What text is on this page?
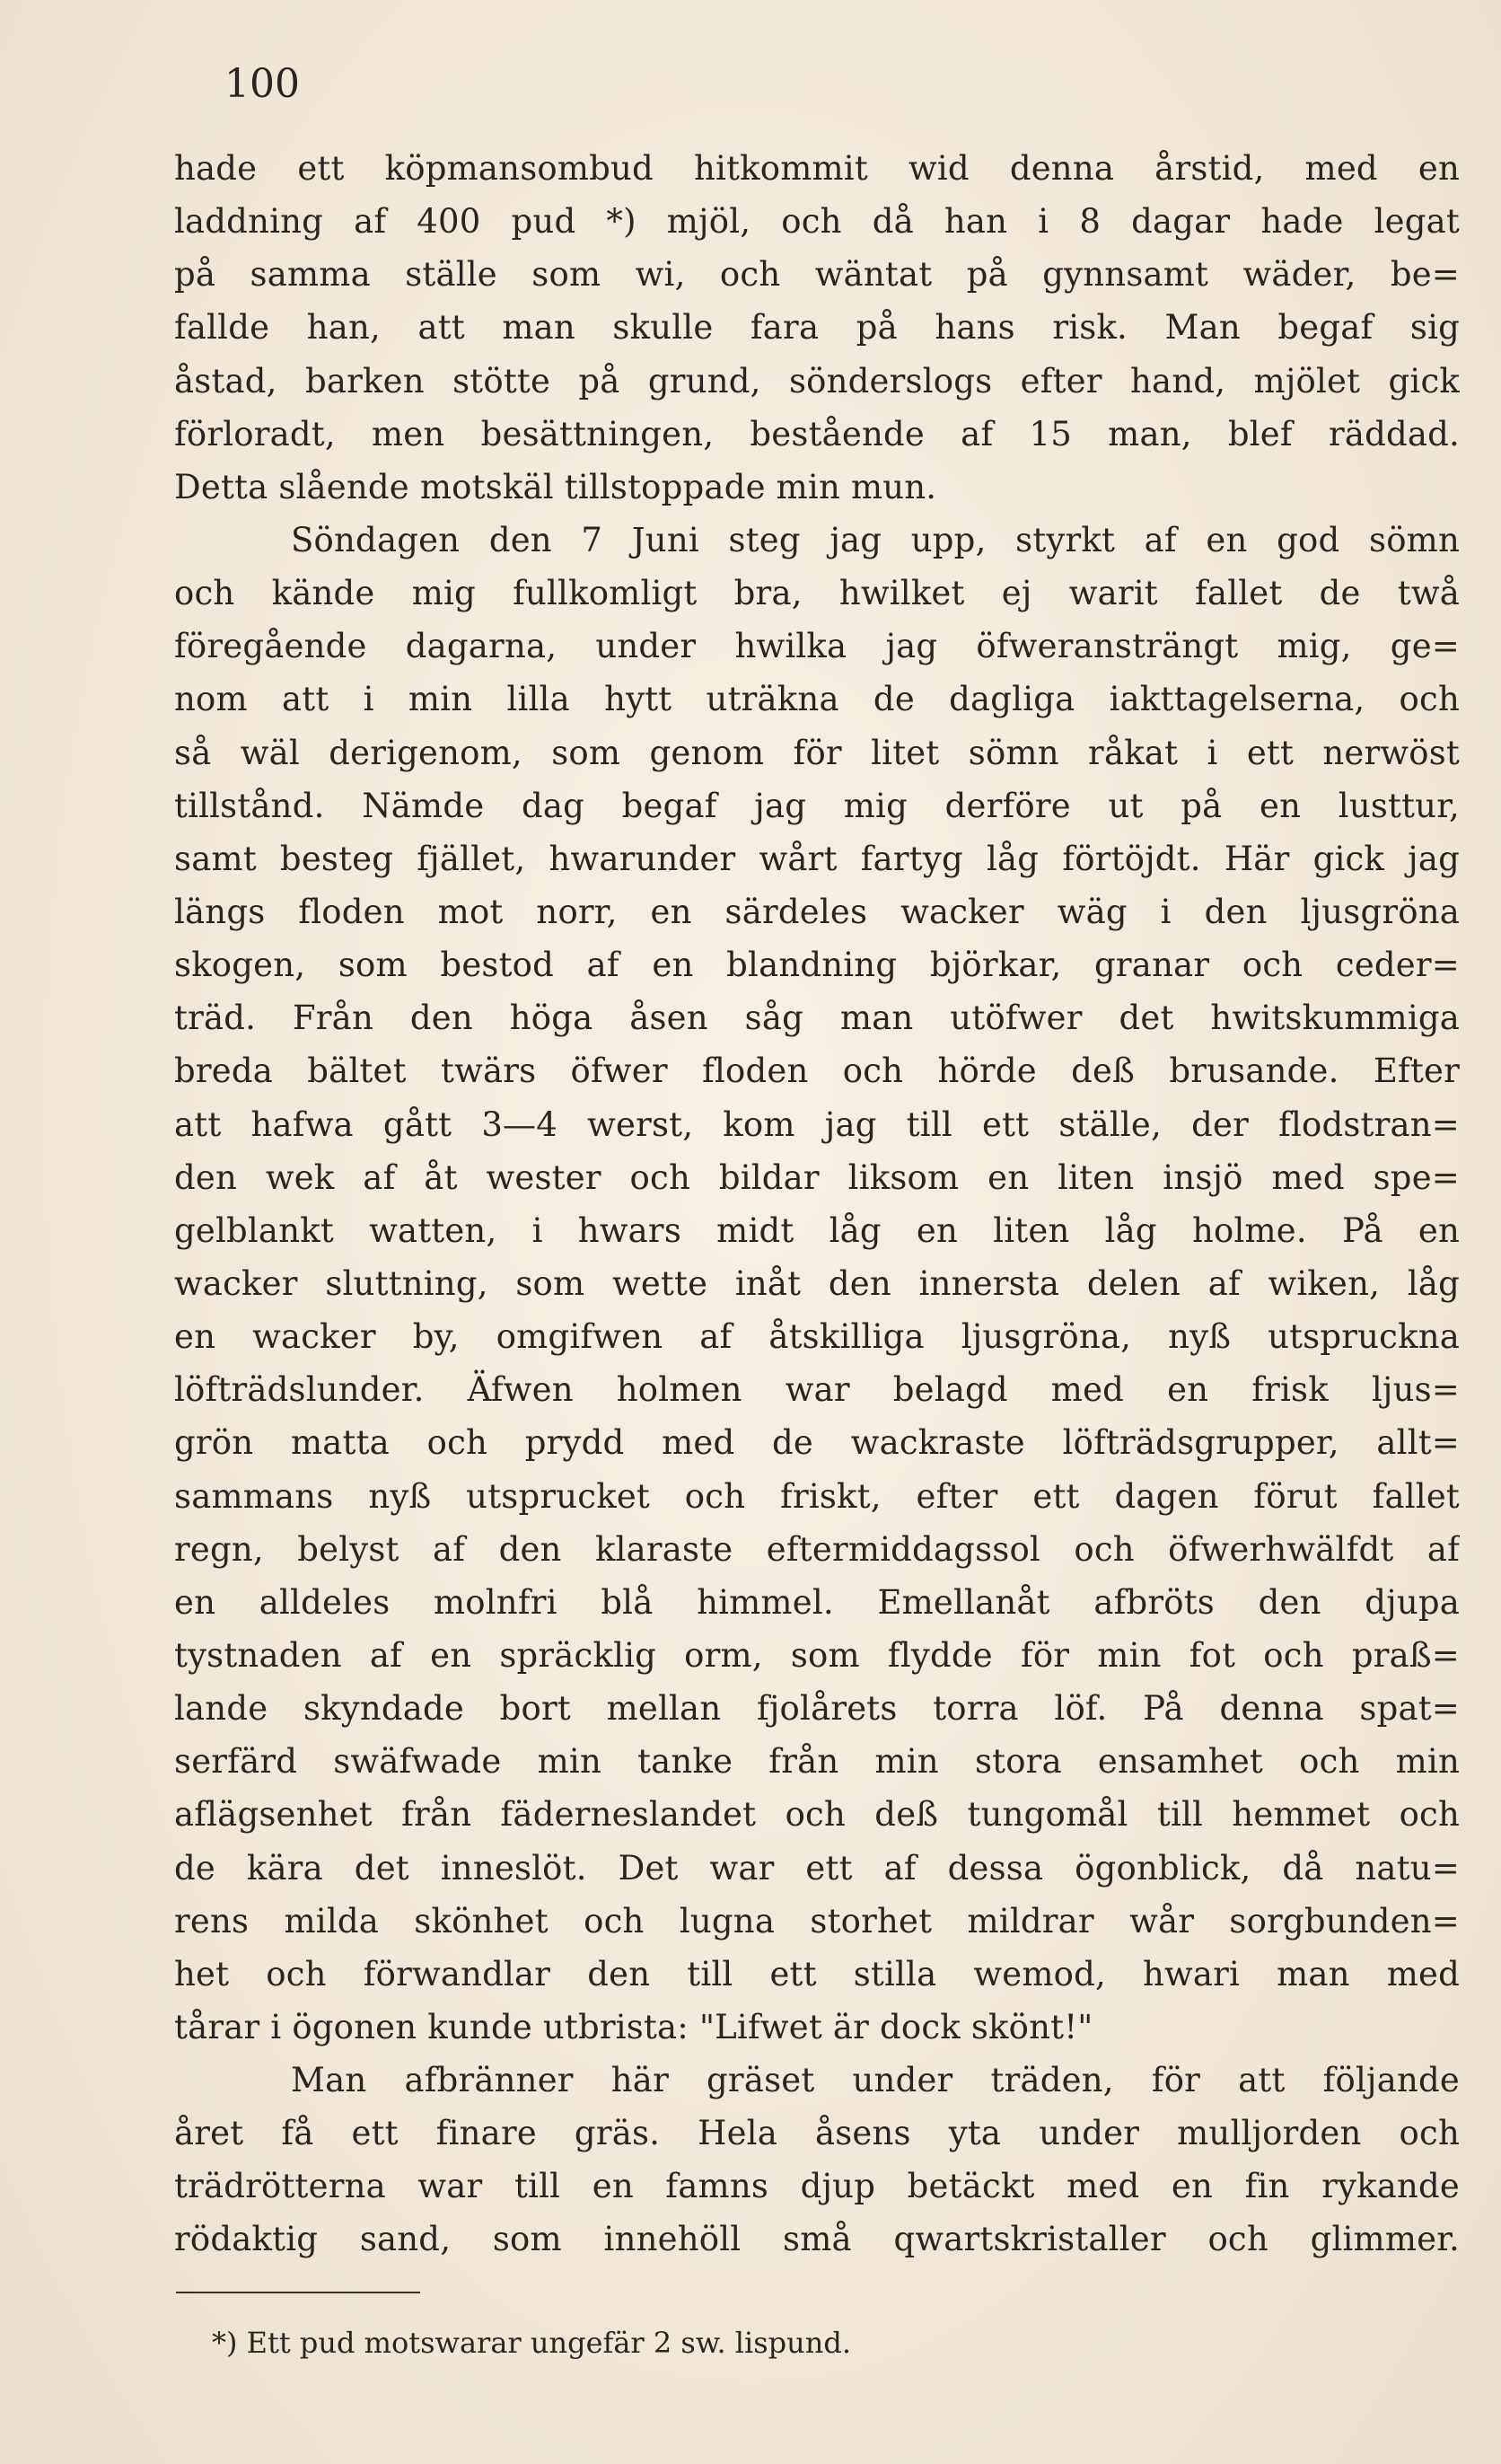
100
hade ett köpmansombud hitkommit wid denna årstid, med en
laddning af 400 pud *) mjöl, och då han i 8 dagar hade legat
på samma ställe som wi, och wäntat på gynnsamt wäder, be=
fallde han, att man skulle fara på hans risk. Man begaf sig
åstad, barken stötte på grund, sönderslogs efter hand, mjölet gick
förloradt, men besättningen, bestående af 15 man, blef räddad.
Detta slående motskäl tillstoppade min mun.
Söndagen den 7 Juni steg jag upp, styrkt af en god sömn
och kände mig fullkomligt bra, hwilket ej warit fallet de twå
föregående dagarna, under hwilka jag öfweransträngt mig, ge=
nom att i min lilla hytt uträkna de dagliga iakttagelserna, och
så wäl derigenom, som genom för litet sömn råkat i ett nerwöst
tillstånd. Nämde dag begaf jag mig derföre ut på en lusttur,
samt besteg fjället, hwarunder wårt fartyg låg förtöjdt. Här gick jag
längs floden mot norr, en särdeles wacker wäg i den ljusgröna
skogen, som bestod af en blandning björkar, granar och ceder=
träd. Från den höga åsen såg man utöfwer det hwitskummiga
breda bältet twärs öfwer floden och hörde deß brusande. Efter
att hafwa gått 3—4 werst, kom jag till ett ställe, der flodstran=
den wek af åt wester och bildar liksom en liten insjö med spe=
gelblankt watten, i hwars midt låg en liten låg holme. På en
wacker sluttning, som wette inåt den innersta delen af wiken, låg
en wacker by, omgifwen af åtskilliga ljusgröna, nyß utspruckna
löfträdslunder. Äfwen holmen war belagd med en frisk ljus=
grön matta och prydd med de wackraste löfträdsgrupper, allt=
sammans nyß utsprucket och friskt, efter ett dagen förut fallet
regn, belyst af den klaraste eftermiddagssol och öfwerhwälfdt af
en alldeles molnfri blå himmel. Emellanåt afbröts den djupa
tystnaden af en spräcklig orm, som flydde för min fot och praß=
lande skyndade bort mellan fjolårets torra löf. På denna spat=
serfärd swäfwade min tanke från min stora ensamhet och min
aflägsenhet från fäderneslandet och deß tungomål till hemmet och
de kära det inneslöt. Det war ett af dessa ögonblick, då natu=
rens milda skönhet och lugna storhet mildrar wår sorgbunden=
het och förwandlar den till ett stilla wemod, hwari man med
tårar i ögonen kunde utbrista: "Lifwet är dock skönt!"
Man afbränner här gräset under träden, för att följande
året få ett finare gräs. Hela åsens yta under mulljorden och
trädrötterna war till en famns djup betäckt med en fin rykande
rödaktig sand, som innehöll små qwartskristaller och glimmer.
*) Ett pud motswarar ungefär 2 sw. lispund.
